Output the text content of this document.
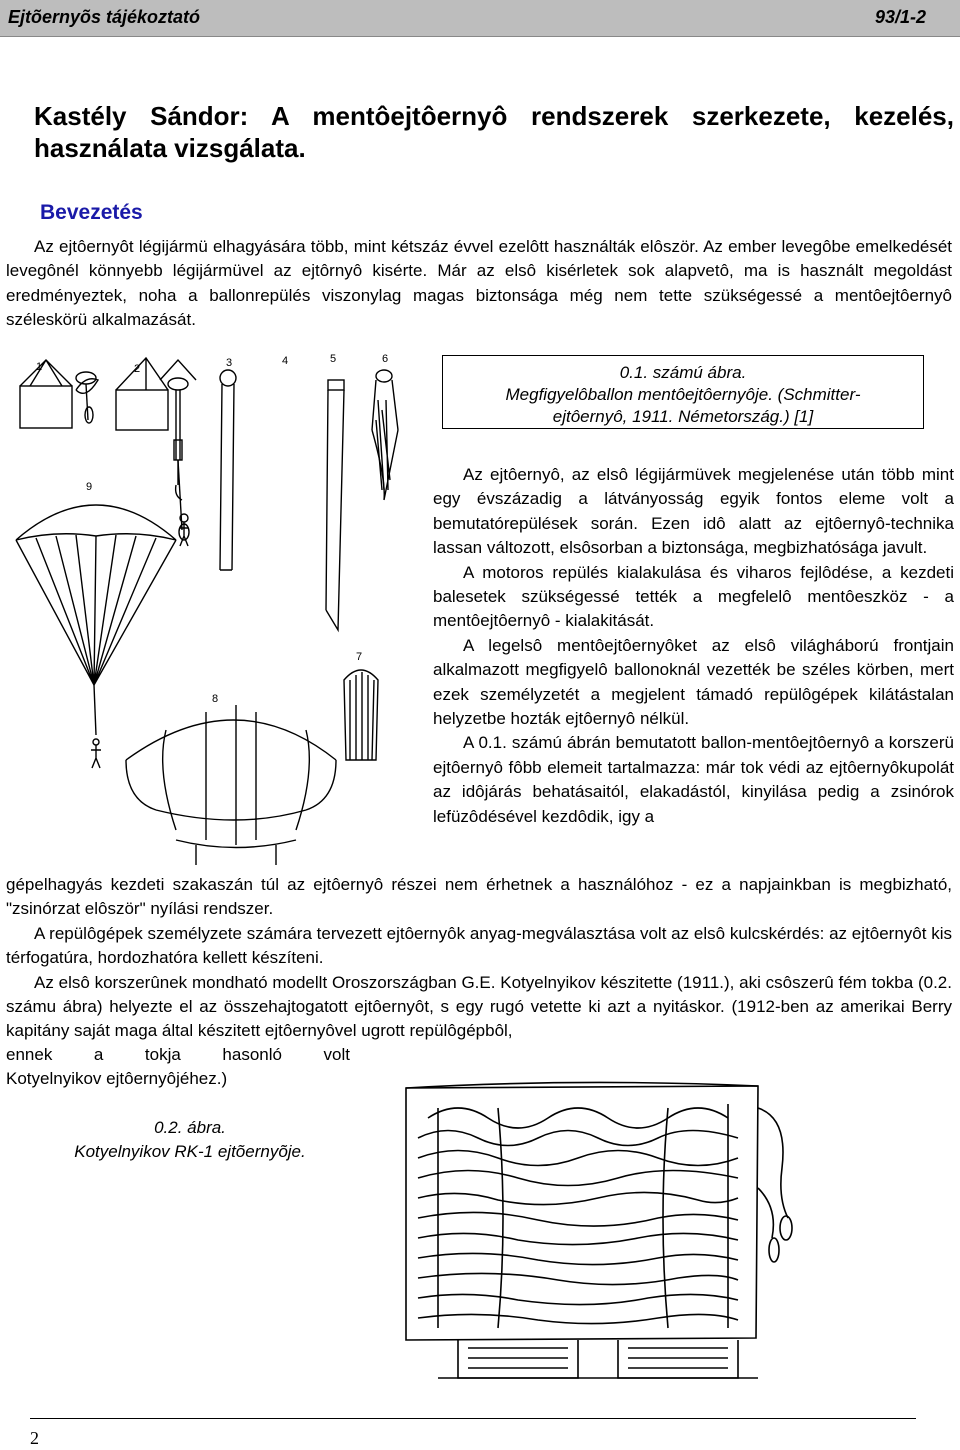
Ejtõernyõs tájékoztató	93/1-2
Kastély Sándor: A mentôejtôernyô rendszerek szerkezete, kezelés, használata vizsgálata.
Bevezetés
Az ejtôernyôt légijármü elhagyására több, mint kétszáz évvel ezelôtt használták elôször. Az ember levegôbe emelkedését levegônél könnyebb légijármüvel az ejtôrnyô kisérte. Már az elsô kisérletek sok alapvetô, ma is használt megoldást eredményeztek, noha a ballonrepülés viszonylag magas biztonsága még nem tette szükségessé a mentôejtôernyô széleskörü alkalmazását.
1	2	3	4	5	6
7
8
9
0.1. számú ábra.
Megfigyelôballon mentôejtôernyôje. (Schmitter-
ejtôernyô, 1911. Németország.) [1]

Az ejtôernyô, az elsô légijármüvek megjelenése után több mint egy évszázadig a látványosság egyik fontos eleme volt a bemutatórepülések során. Ezen idô alatt az ejtôernyô-technika lassan változott, elsôsorban a biztonsága, megbizhatósága javult.

A motoros repülés kialakulása és viharos fejlôdése, a kezdeti balesetek szükségessé tették a megfelelô mentôeszköz - a mentôejtôernyô - kialakitását.

A legelsô mentôejtôernyôket az elsô világháború frontjain alkalmazott megfigyelô ballonoknál vezették be széles körben, mert ezek személyzetét a megjelent támadó repülôgépek kilátástalan helyzetbe hozták ejtôernyô nélkül.

A 0.1. számú ábrán bemutatott ballon-mentôejtôernyô a korszerü ejtôernyô fôbb elemeit tartalmazza: már tok védi az ejtôernyôkupolát az idôjárás behatásaitól, elakadástól, kinyilása pedig a zsinórok lefüzôdésével kezdôdik, igy a

gépelhagyás kezdeti szakaszán túl az ejtôernyô részei nem érhetnek a használóhoz - ez a napjainkban is megbizható, "zsinórzat elôször" nyílási rendszer.

A repülôgépek személyzete számára tervezett ejtôernyôk anyag-megválasztása volt az elsô kulcskérdés: az ejtôernyôt kis térfogatúra, hordozhatóra kellett készíteni.

Az elsô korszerûnek mondható modellt Oroszországban G.E. Kotyelnyikov készitette (1911.), aki csôszerû fém tokba (0.2. számu ábra) helyezte el az összehajtogatott ejtôernyôt, s egy rugó vetette ki azt a nyitáskor. (1912-ben az amerikai Berry kapitány saját maga által készitett ejtôernyôvel ugrott repülôgépbôl,

ennek a tokja hasonló volt
Kotyelnyikov ejtôernyôjéhez.)
0.2. ábra.
Kotyelnyikov RK-1 ejtõernyõje.
2
